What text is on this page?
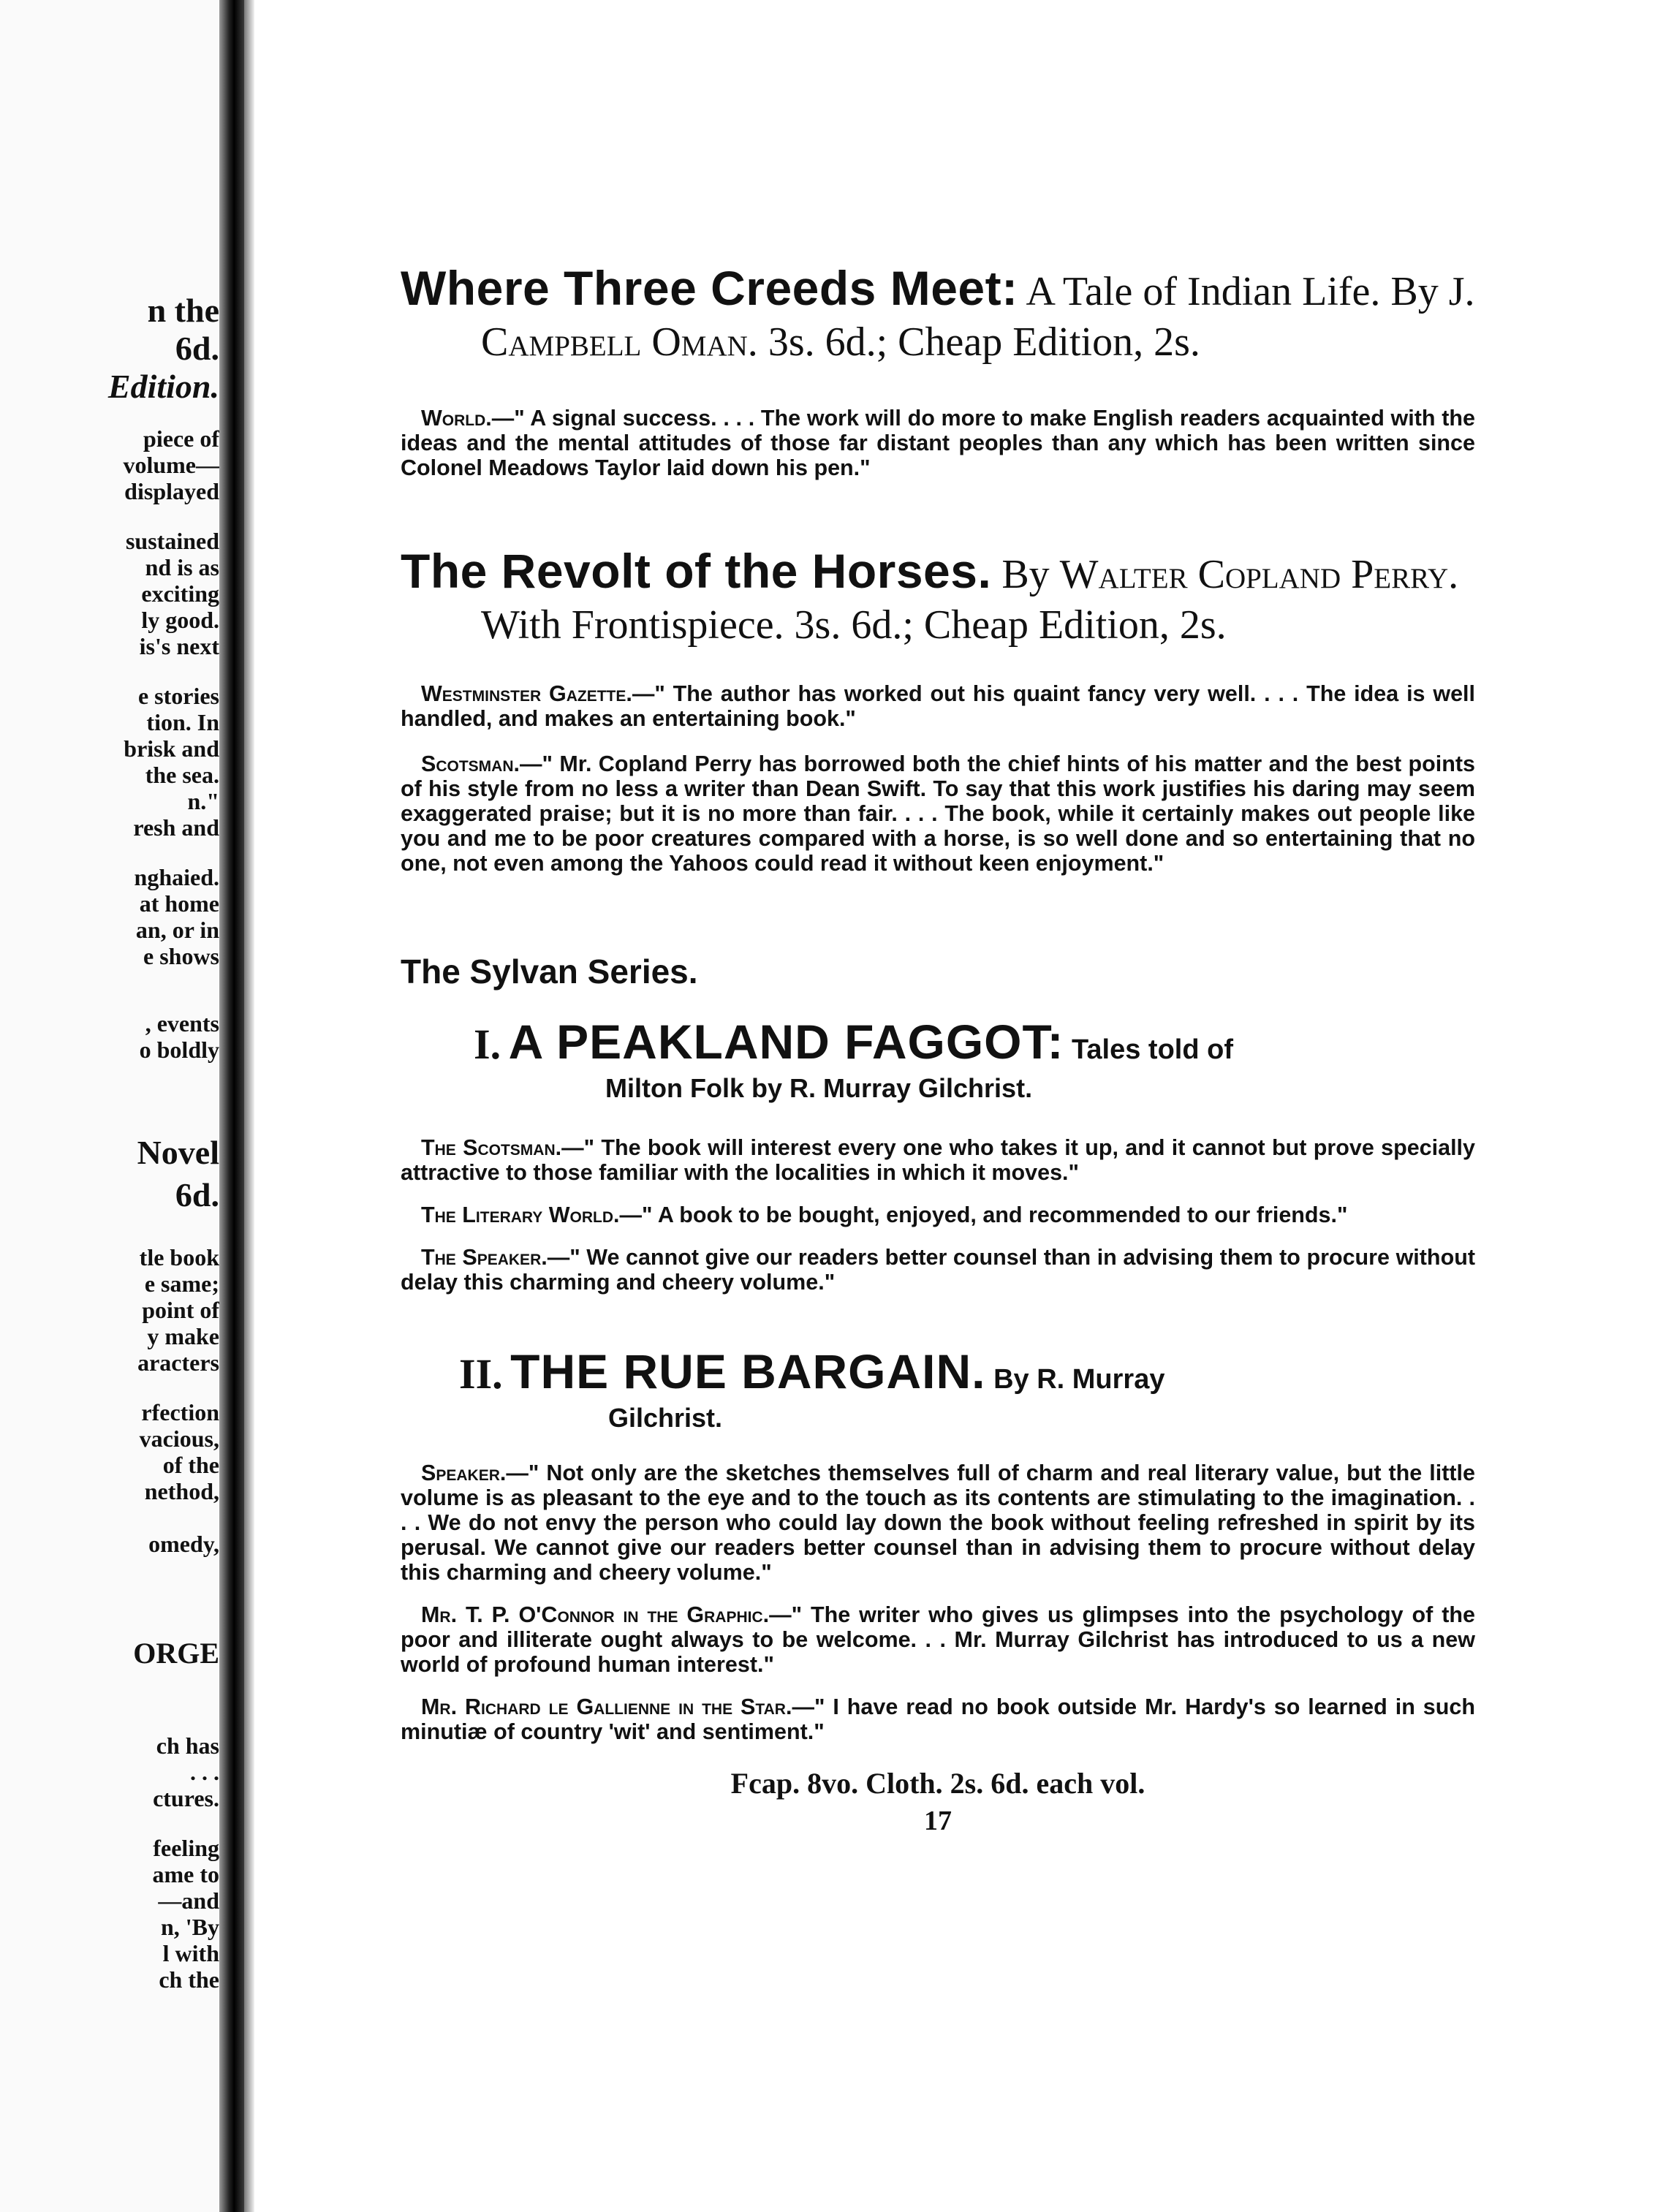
n the
6d.
Edition.
piece of
volume—
displayed
sustained
nd is as
exciting
ly good.
is's next
e stories
tion. In
brisk and
the sea.
n."
resh and
nghaied.
at home
an, or in
e shows
, events
o boldly
Novel
6d.
tle book
e same;
point of
y make
aracters
rfection
vacious,
of the
nethod,
omedy,
ORGE
ch has
. . .
ctures.
feeling
ame to
—and
n, 'By
l with
ch the

Where Three Creeds Meet: A Tale of Indian Life. By J. Campbell Oman. 3s. 6d.; Cheap Edition, 2s.

World.—" A signal success. . . . The work will do more to make English readers acquainted with the ideas and the mental attitudes of those far distant peoples than any which has been written since Colonel Meadows Taylor laid down his pen."

The Revolt of the Horses. By Walter Copland Perry. With Frontispiece. 3s. 6d.; Cheap Edition, 2s.

Westminster Gazette.—" The author has worked out his quaint fancy very well. . . . The idea is well handled, and makes an entertaining book."

Scotsman.—" Mr. Copland Perry has borrowed both the chief hints of his matter and the best points of his style from no less a writer than Dean Swift. To say that this work justifies his daring may seem exaggerated praise; but it is no more than fair. . . . The book, while it certainly makes out people like you and me to be poor creatures compared with a horse, is so well done and so entertaining that no one, not even among the Yahoos could read it without keen enjoyment."

The Sylvan Series.

I. A PEAKLAND FAGGOT: Tales told of

Milton Folk by R. Murray Gilchrist.

The Scotsman.—" The book will interest every one who takes it up, and it cannot but prove specially attractive to those familiar with the localities in which it moves."

The Literary World.—" A book to be bought, enjoyed, and recommended to our friends."

The Speaker.—" We cannot give our readers better counsel than in advising them to procure without delay this charming and cheery volume."

II. THE RUE BARGAIN. By R. Murray

Gilchrist.

Speaker.—" Not only are the sketches themselves full of charm and real literary value, but the little volume is as pleasant to the eye and to the touch as its contents are stimulating to the imagination. . . . We do not envy the person who could lay down the book without feeling refreshed in spirit by its perusal. We cannot give our readers better counsel than in advising them to procure without delay this charming and cheery volume."

Mr. T. P. O'Connor in the Graphic.—" The writer who gives us glimpses into the psychology of the poor and illiterate ought always to be welcome. . . Mr. Murray Gilchrist has introduced to us a new world of profound human interest."

Mr. Richard le Gallienne in the Star.—" I have read no book outside Mr. Hardy's so learned in such minutiæ of country 'wit' and sentiment."

Fcap. 8vo. Cloth. 2s. 6d. each vol.

17
